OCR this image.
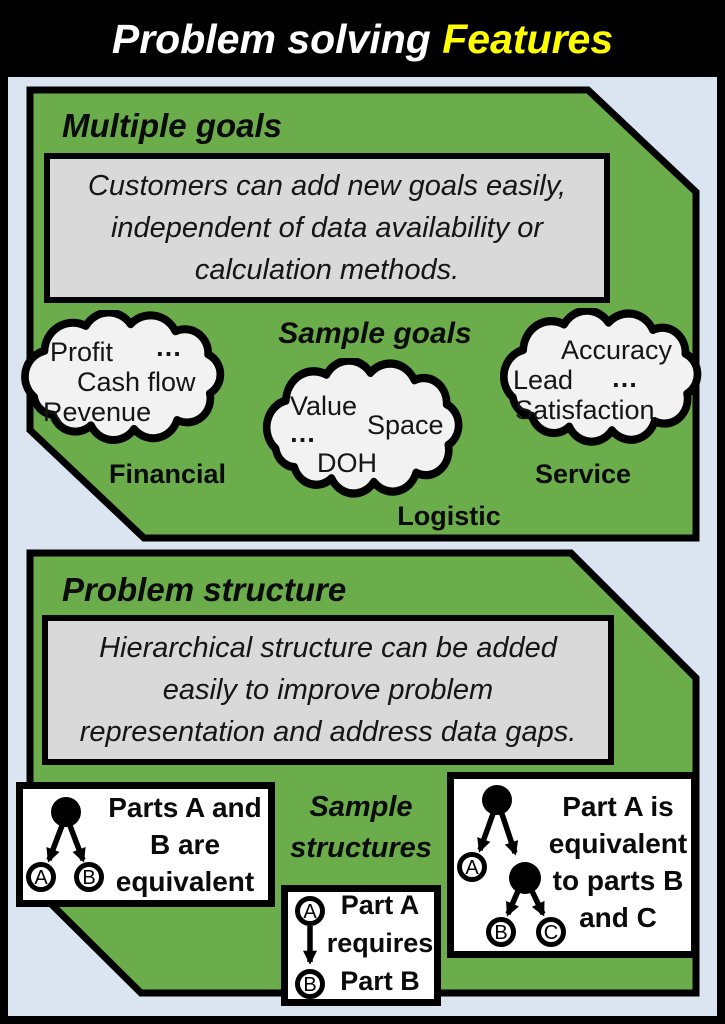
Problem solving Features
Multiple goals
Customers can add new goals easily,
independent of data availability or
calculation methods.
Sample goals
Profit …
Cash flow
Revenue
Financial
Value
Space
…
DOH
Logistic
Accuracy
Lead …
Satisfaction
Service
Problem structure
Hierarchical structure can be added
easily to improve problem
representation and address data gaps.
Sample
structures
A B
Parts A and
B are
equivalent
A
B
Part A
requires
Part B
A
B C
Part A is
equivalent
to parts B
and C
